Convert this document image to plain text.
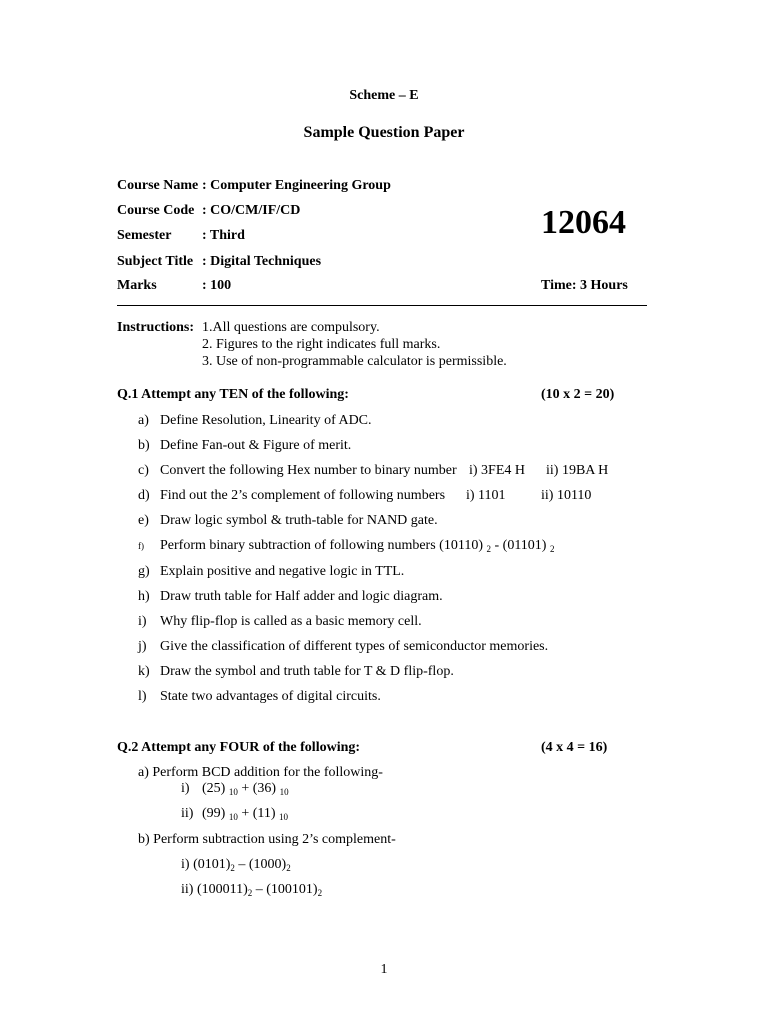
Scheme – E
Sample Question Paper
Course Name : Computer Engineering Group
Course Code : CO/CM/IF/CD
Semester : Third
Subject Title : Digital Techniques
Marks	: 100
12064
Time: 3 Hours
Instructions: 1.All questions are compulsory.
2. Figures to the right indicates full marks.
3. Use of non-programmable calculator is permissible.
Q.1 Attempt any TEN of the following:	(10 x 2 = 20)
a) Define Resolution, Linearity of ADC.
b) Define Fan-out & Figure of merit.
c) Convert the following Hex number to binary number i) 3FE4 H ii) 19BA H
d) Find out the 2’s complement of following numbers i) 1101	ii) 10110
e) Draw logic symbol & truth-table for NAND gate.
f) Perform binary subtraction of following numbers (10110) $_2$ - (01101) $_2$
g) Explain positive and negative logic in TTL.
h) Draw truth table for Half adder and logic diagram.
i) Why flip-flop is called as a basic memory cell.
j) Give the classification of different types of semiconductor memories.
k) Draw the symbol and truth table for T & D flip-flop.
l) State two advantages of digital circuits.
Q.2 Attempt any FOUR of the following:	(4 x 4 = 16)
a) Perform BCD addition for the following-
i) (25) $_{10}$ + (36) $_{10}$
ii) (99) $_{10}$ + (11) $_{10}$
b) Perform subtraction using 2’s complement-
i) $(0101)_2 - (1000)_2$
ii) $(100011)_2 - (100101)_2$
1
